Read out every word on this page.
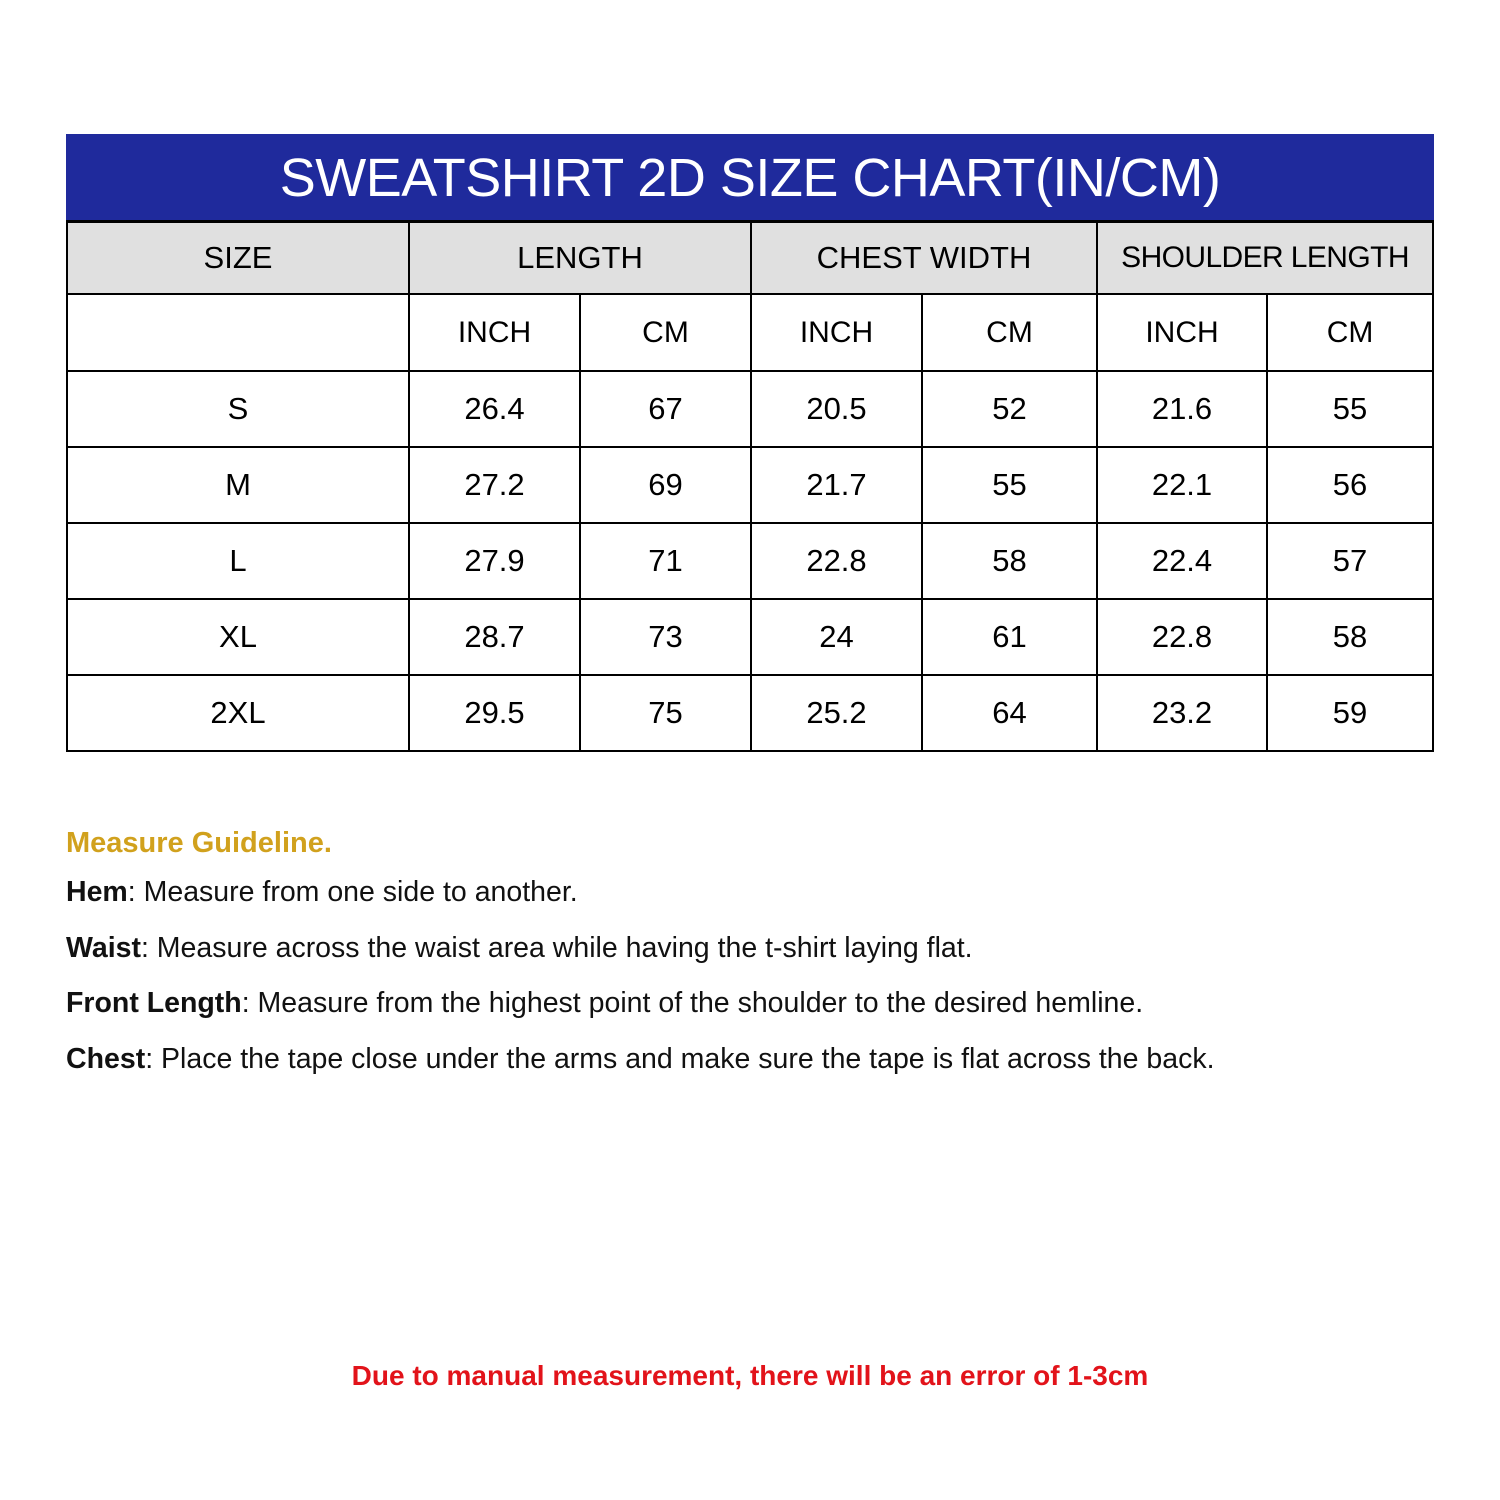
SWEATSHIRT 2D SIZE CHART(IN/CM)						
SIZE	LENGTH		CHEST WIDTH		SHOULDER LENGTH	
	INCH	CM	INCH	CM	INCH	CM
S	26.4	67	20.5	52	21.6	55
M	27.2	69	21.7	55	22.1	56
L	27.9	71	22.8	58	22.4	57
XL	28.7	73	24	61	22.8	58
2XL	29.5	75	25.2	64	23.2	59

Measure Guideline.

Hem: Measure from one side to another.

Waist: Measure across the waist area while having the t-shirt laying flat.

Front Length: Measure from the highest point of the shoulder to the desired hemline.

Chest: Place the tape close under the arms and make sure the tape is flat across the back.

Due to manual measurement, there will be an error of 1-3cm
